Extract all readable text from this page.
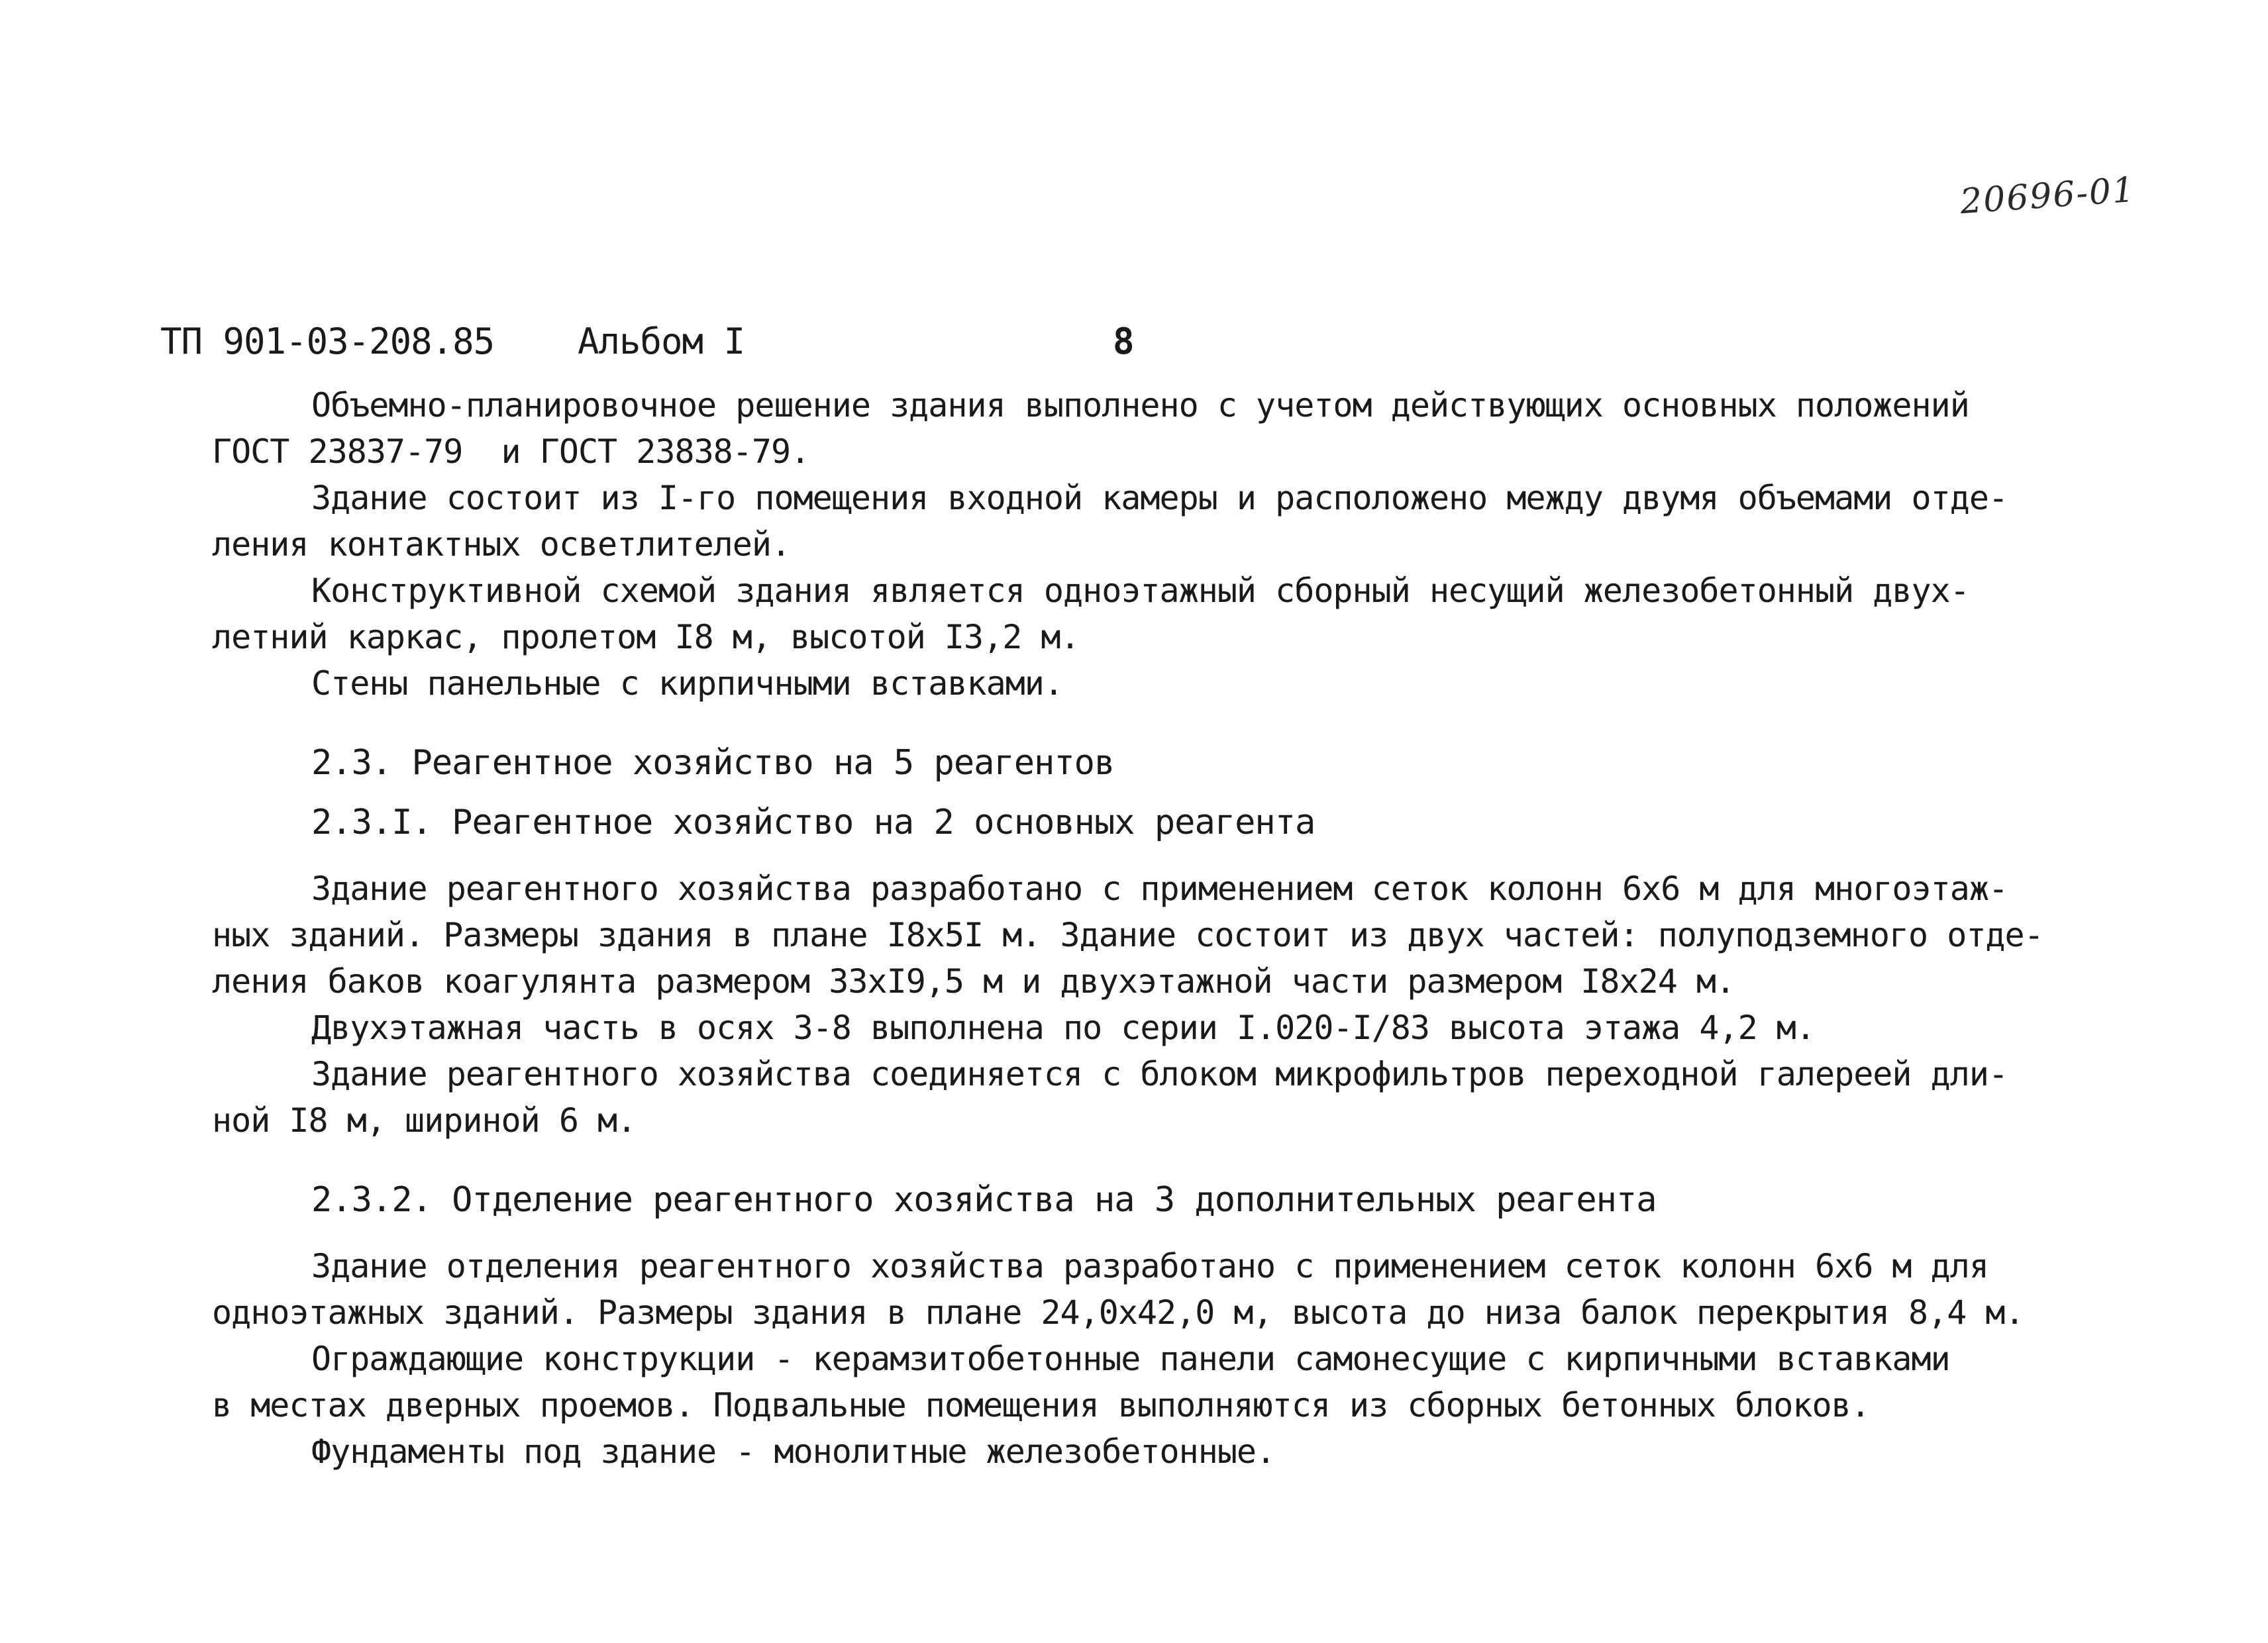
20696-01
ТП 901-03-208.85 Альбом I	8
Объемно-планировочное решение здания выполнено с учетом действующих основных положений
ГОСТ 23837-79  и ГОСТ 23838-79.
Здание состоит из I-го помещения входной камеры и расположено между двумя объемами отде-
ления контактных осветлителей.
Конструктивной схемой здания является одноэтажный сборный несущий железобетонный двух-
летний каркас, пролетом I8 м, высотой I3,2 м.
Стены панельные с кирпичными вставками.
2.3. Реагентное хозяйство на 5 реагентов
2.3.I. Реагентное хозяйство на 2 основных реагента
Здание реагентного хозяйства разработано с применением сеток колонн 6х6 м для многоэтаж-
ных зданий. Размеры здания в плане I8х5I м. Здание состоит из двух частей: полуподземного отде-
ления баков коагулянта размером 33хI9,5 м и двухэтажной части размером I8х24 м.
Двухэтажная часть в осях 3-8 выполнена по серии I.020-I/83 высота этажа 4,2 м.
Здание реагентного хозяйства соединяется с блоком микрофильтров переходной галереей дли-
ной I8 м, шириной 6 м.
2.3.2. Отделение реагентного хозяйства на 3 дополнительных реагента
Здание отделения реагентного хозяйства разработано с применением сеток колонн 6х6 м для
одноэтажных зданий. Размеры здания в плане 24,0х42,0 м, высота до низа балок перекрытия 8,4 м.
Ограждающие конструкции - керамзитобетонные панели самонесущие с кирпичными вставками
в местах дверных проемов. Подвальные помещения выполняются из сборных бетонных блоков.
Фундаменты под здание - монолитные железобетонные.
